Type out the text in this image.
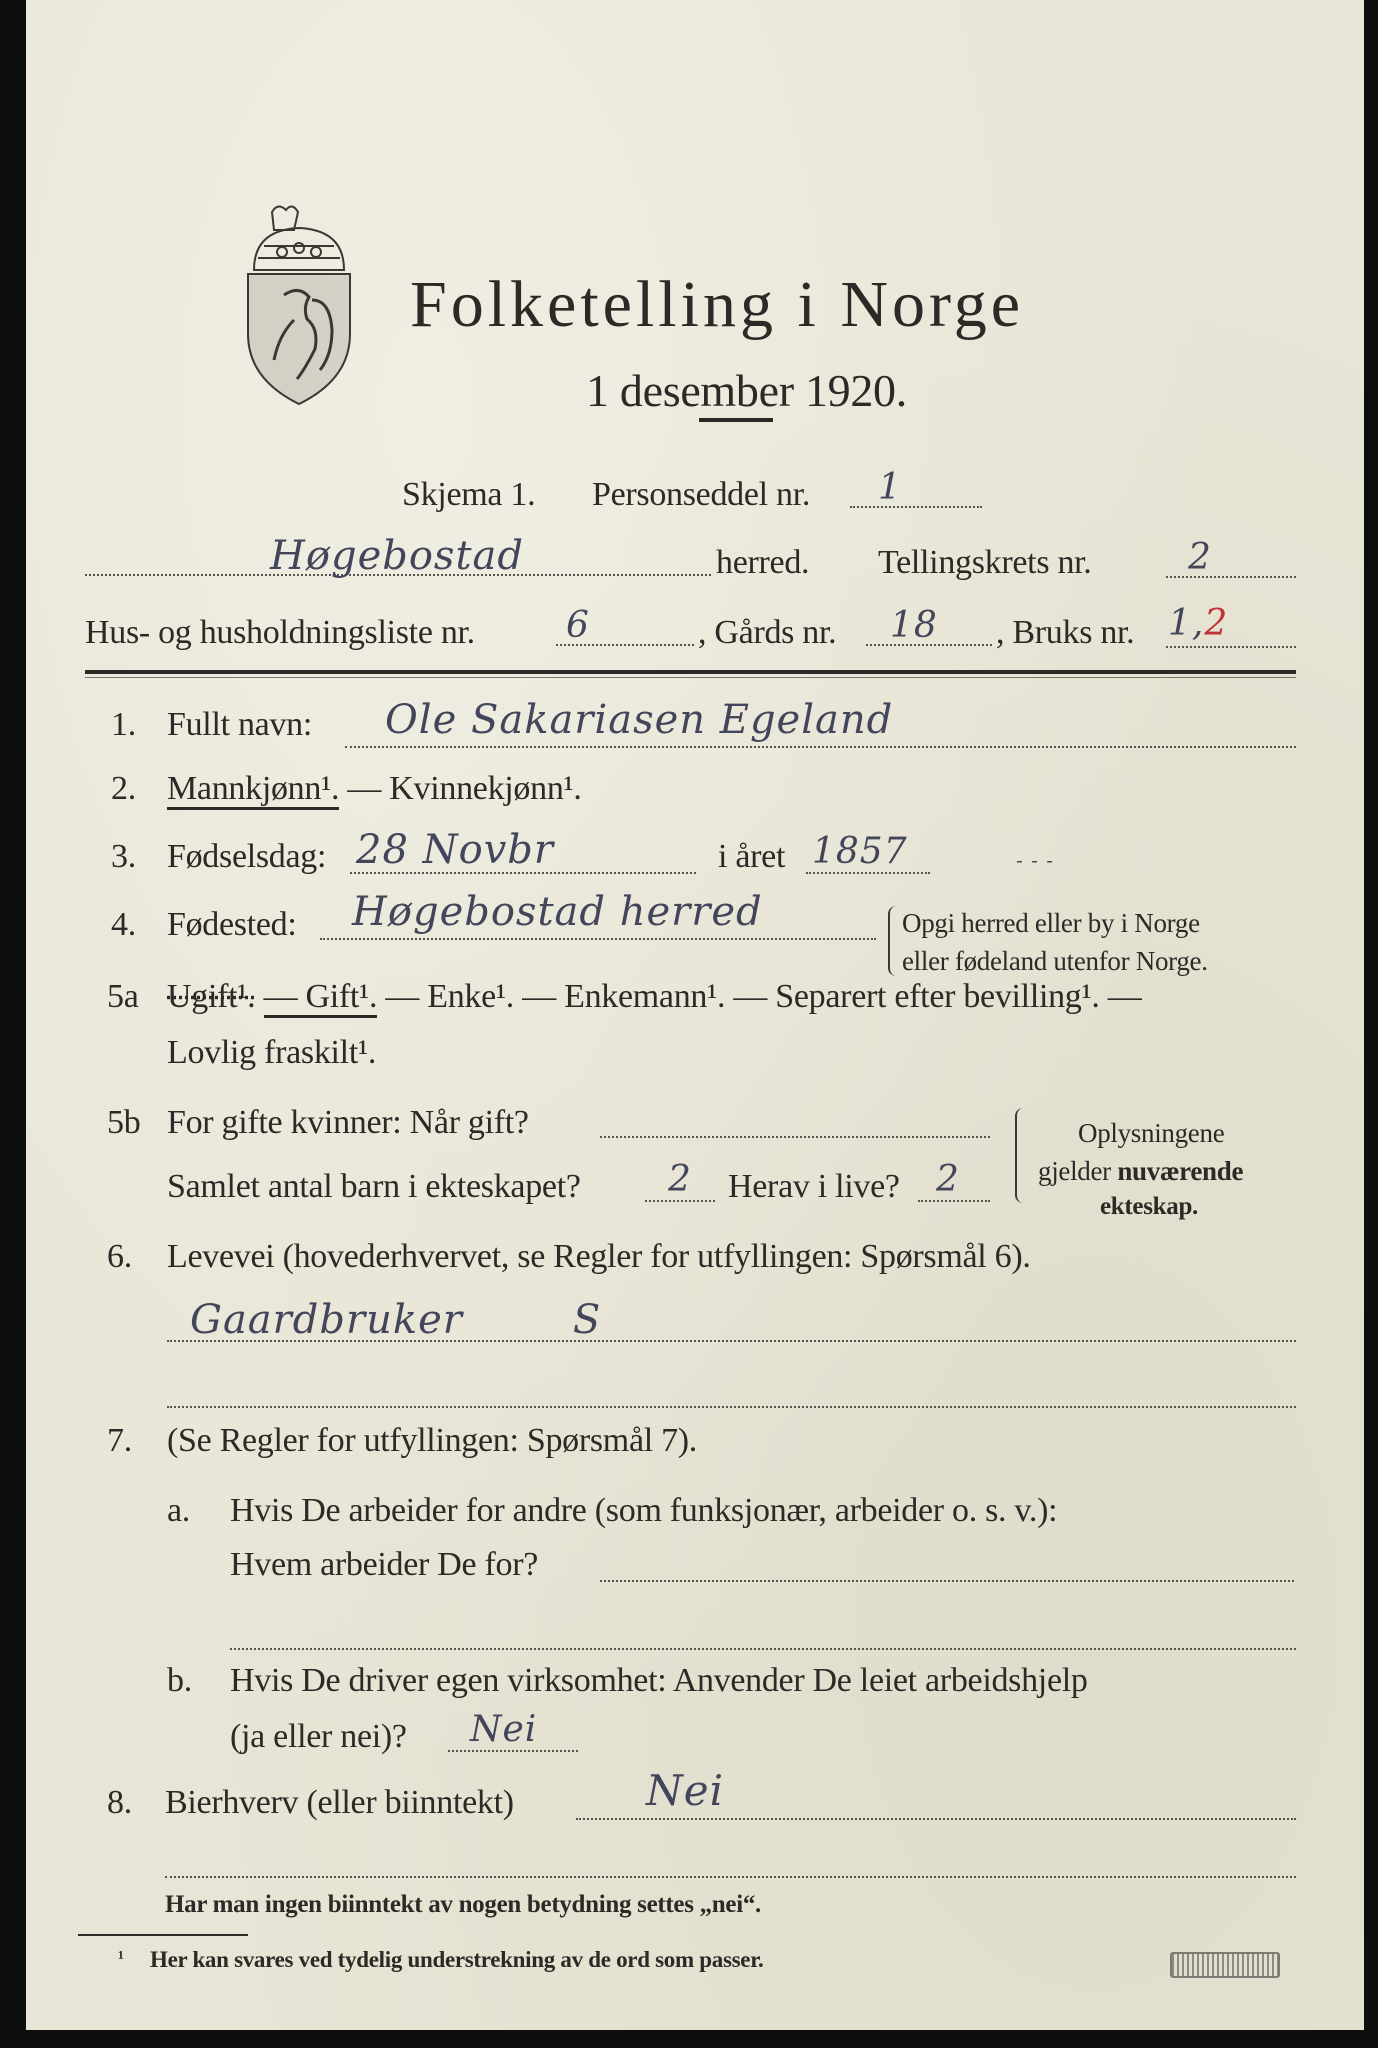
Folketelling i Norge
1 desember 1920.
Skjema 1. Personseddel nr. 1
Høgebostad	herred. Tellingskrets nr.	2
Hus- og husholdningsliste nr.	6	, Gårds nr. 18 , Bruks nr. 1,2
1. Fullt navn: Ole Sakariasen Egeland
2. Mannkjønn¹. — Kvinnekjønn¹.
3. Fødselsdag: 28 Novbr	i året 1857	- - -
4. Fødested: Høgebostad herred	Opgi herred eller by i Norge
eller fødeland utenfor Norge.
5a Ugift¹. — Gift¹. — Enke¹. — Enkemann¹. — Separert efter bevilling¹. —
Lovlig fraskilt¹.
5b For gifte kvinner: Når gift?
Samlet antal barn i ekteskapet? 2 Herav i live? 2
Oplysningene
gjelder nuværende
ekteskap.
6. Levevei (hovederhvervet, se Regler for utfyllingen: Spørsmål 6).
Gaardbruker	S
7. (Se Regler for utfyllingen: Spørsmål 7).
a. Hvis De arbeider for andre (som funksjonær, arbeider o. s. v.):
Hvem arbeider De for?
b. Hvis De driver egen virksomhet: Anvender De leiet arbeidshjelp
(ja eller nei)? Nei
8. Bierhverv (eller biinntekt)	Nei
Har man ingen biinntekt av nogen betydning settes „nei“.
¹ Her kan svares ved tydelig understrekning av de ord som passer.
